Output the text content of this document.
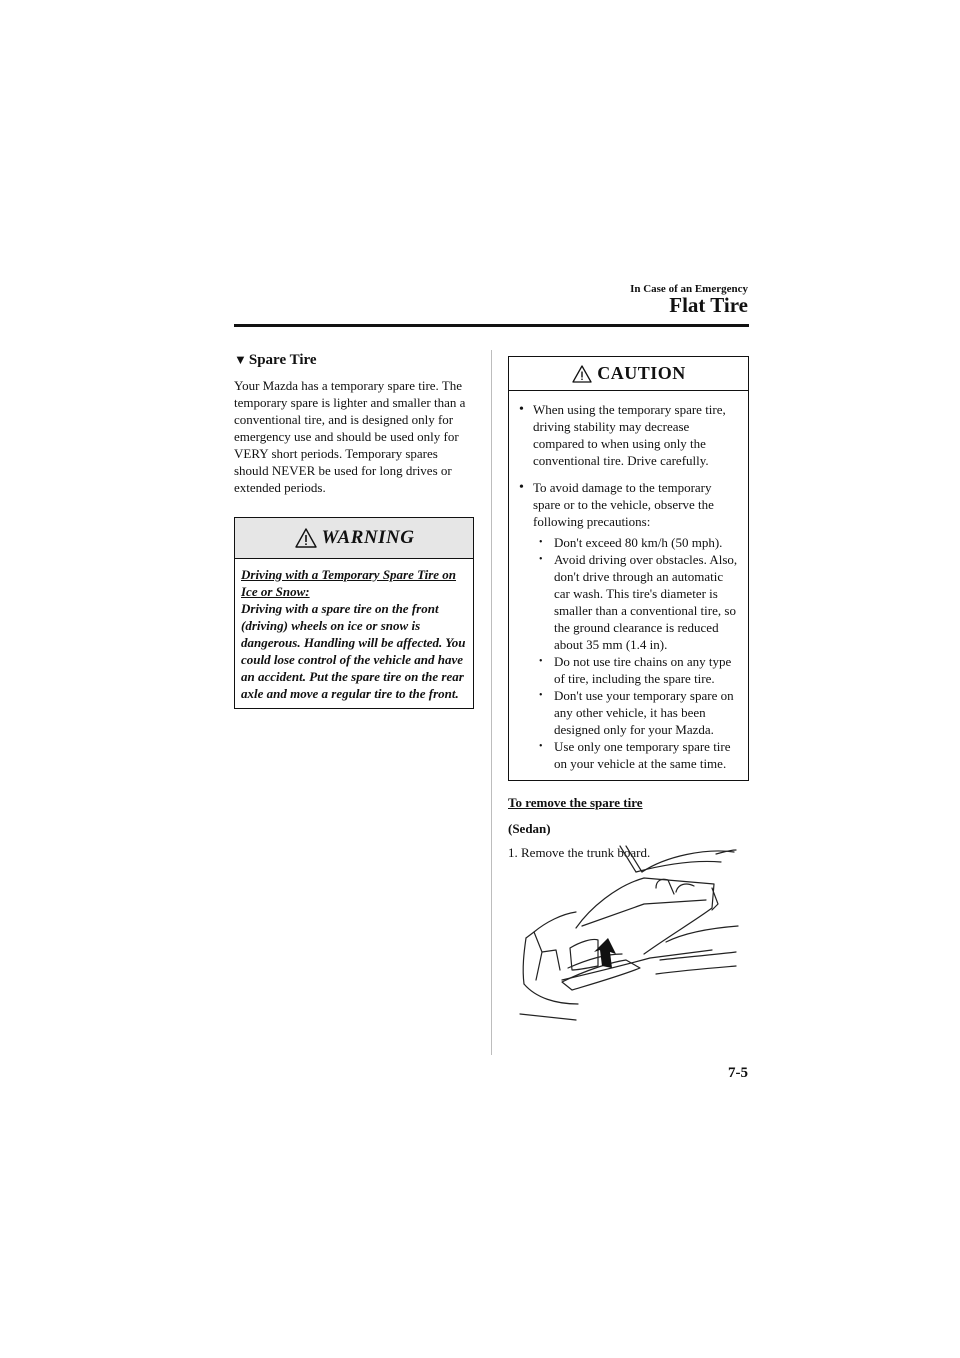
In Case of an Emergency
Flat Tire
▼ Spare Tire

Your Mazda has a temporary spare tire. The temporary spare is lighter and smaller than a conventional tire, and is designed only for emergency use and should be used only for VERY short periods. Temporary spares should NEVER be used for long drives or extended periods.

WARNING
Driving with a Temporary Spare Tire on Ice or Snow:
Driving with a spare tire on the front (driving) wheels on ice or snow is dangerous. Handling will be affected. You could lose control of the vehicle and have an accident. Put the spare tire on the rear axle and move a regular tire to the front.
CAUTION
• When using the temporary spare tire, driving stability may decrease compared to when using only the conventional tire. Drive carefully.
• To avoid damage to the temporary spare or to the vehicle, observe the following precautions:
• Don't exceed 80 km/h (50 mph).
• Avoid driving over obstacles. Also, don't drive through an automatic car wash. This tire's diameter is smaller than a conventional tire, so the ground clearance is reduced about 35 mm (1.4 in).
• Do not use tire chains on any type of tire, including the spare tire.
• Don't use your temporary spare on any other vehicle, it has been designed only for your Mazda.
• Use only one temporary spare tire on your vehicle at the same time.
To remove the spare tire
(Sedan)

1. Remove the trunk board.

7-5
